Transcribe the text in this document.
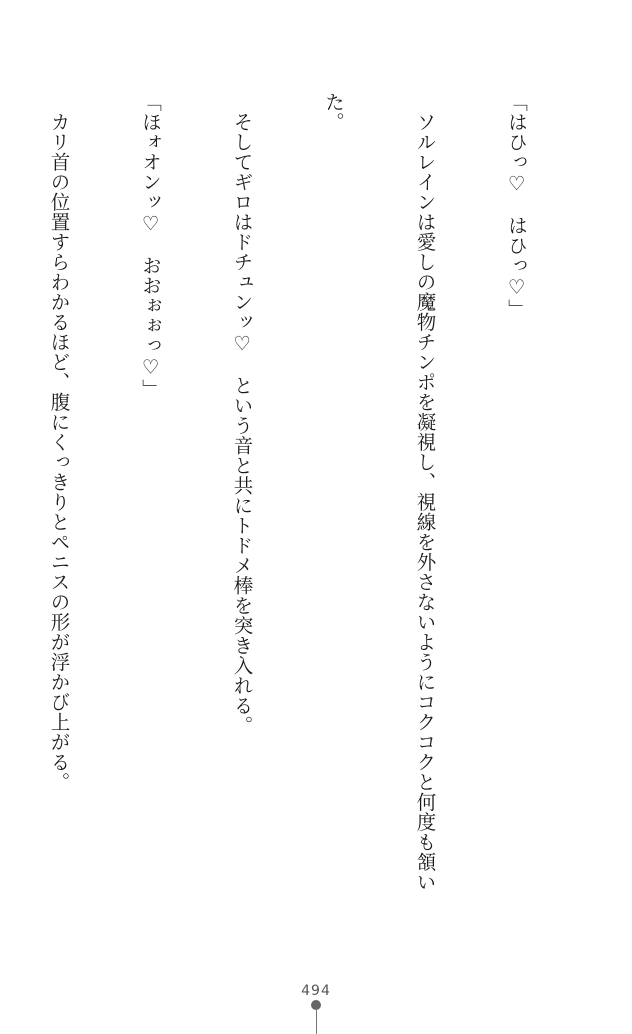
「はひっ♡　はひっ♡」

　ソルレインは愛しの魔物チンポを凝視し、視線を外さないようにコクコクと何度も頷い

た。

　そしてギロはドチュンッ♡　という音と共にトドメ棒を突き入れる。

「ほォオンッ♡　おおぉぉっ♡」

　カリ首の位置すらわかるほど、腹にくっきりとペニスの形が浮かび上がる。

494
